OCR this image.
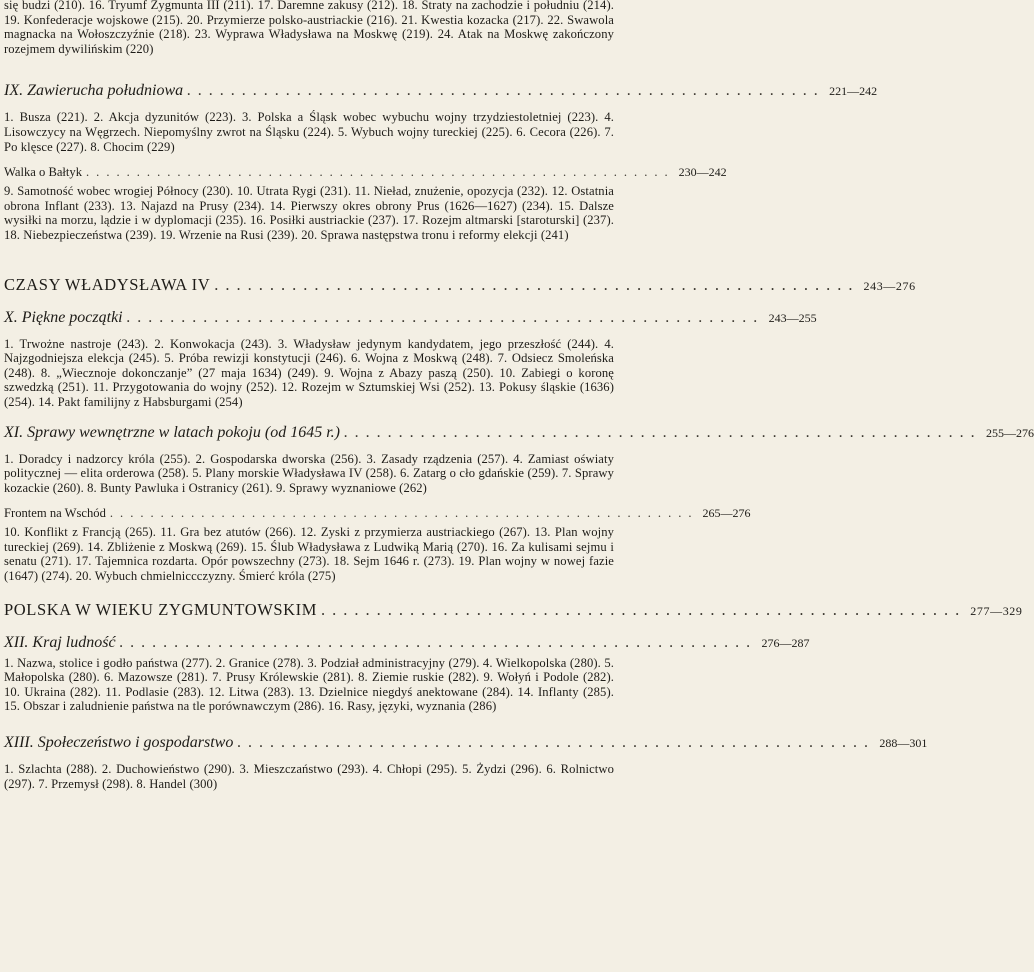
się budzi (210). 16. Tryumf Zygmunta III (211). 17. Daremne zakusy (212). 18. Straty na zachodzie i południu (214). 19. Konfederacje wojskowe (215). 20. Przymierze polsko-austriackie (216). 21. Kwestia kozacka (217). 22. Swawola magnacka na Wołoszczyźnie (218). 23. Wyprawa Władysława na Moskwę (219). 24. Atak na Moskwę zakończony rozejmem dywilińskim (220)

IX. Zawierucha południowa .......................................................... 221—242

1. Busza (221). 2. Akcja dyzunitów (223). 3. Polska a Śląsk wobec wybuchu wojny trzydziestoletniej (223). 4. Lisowczycy na Węgrzech. Niepomyślny zwrot na Śląsku (224). 5. Wybuch wojny tureckiej (225). 6. Cecora (226). 7. Po klęsce (227). 8. Chocim (229)

Walka o Bałtyk .......................................................... 230—242

9. Samotność wobec wrogiej Północy (230). 10. Utrata Rygi (231). 11. Nieład, znużenie, opozycja (232). 12. Ostatnia obrona Inflant (233). 13. Najazd na Prusy (234). 14. Pierwszy okres obrony Prus (1626—1627) (234). 15. Dalsze wysiłki na morzu, lądzie i w dyplomacji (235). 16. Posiłki austriackie (237). 17. Rozejm altmarski [staroturski] (237). 18. Niebezpieczeństwa (239). 19. Wrzenie na Rusi (239). 20. Sprawa następstwa tronu i reformy elekcji (241)

CZASY WŁADYSŁAWA IV .......................................................... 243—276
X. Piękne początki .......................................................... 243—255

1. Trwożne nastroje (243). 2. Konwokacja (243). 3. Władysław jedynym kandydatem, jego przeszłość (244). 4. Najzgodniejsza elekcja (245). 5. Próba rewizji konstytucji (246). 6. Wojna z Moskwą (248). 7. Odsiecz Smoleńska (248). 8. „Wiecznoje dokonczanje” (27 maja 1634) (249). 9. Wojna z Abazy paszą (250). 10. Zabiegi o koronę szwedzką (251). 11. Przygotowania do wojny (252). 12. Rozejm w Sztumskiej Wsi (252). 13. Pokusy śląskie (1636) (254). 14. Pakt familijny z Habsburgami (254)

XI. Sprawy wewnętrzne w latach pokoju (od 1645 r.) .......................................................... 255—276

1. Doradcy i nadzorcy króla (255). 2. Gospodarska dworska (256). 3. Zasady rządzenia (257). 4. Zamiast oświaty politycznej — elita orderowa (258). 5. Plany morskie Władysława IV (258). 6. Zatarg o cło gdańskie (259). 7. Sprawy kozackie (260). 8. Bunty Pawluka i Ostranicy (261). 9. Sprawy wyznaniowe (262)

Frontem na Wschód .......................................................... 265—276

10. Konflikt z Francją (265). 11. Gra bez atutów (266). 12. Zyski z przymierza austriackiego (267). 13. Plan wojny tureckiej (269). 14. Zbliżenie z Moskwą (269). 15. Ślub Władysława z Ludwiką Marią (270). 16. Za kulisami sejmu i senatu (271). 17. Tajemnica rozdarta. Opór powszechny (273). 18. Sejm 1646 r. (273). 19. Plan wojny w nowej fazie (1647) (274). 20. Wybuch chmielniccczyzny. Śmierć króla (275)

POLSKA W WIEKU ZYGMUNTOWSKIM .......................................................... 277—329
XII. Kraj ludność .......................................................... 276—287

1. Nazwa, stolice i godło państwa (277). 2. Granice (278). 3. Podział administracyjny (279). 4. Wielkopolska (280). 5. Małopolska (280). 6. Mazowsze (281). 7. Prusy Królewskie (281). 8. Ziemie ruskie (282). 9. Wołyń i Podole (282). 10. Ukraina (282). 11. Podlasie (283). 12. Litwa (283). 13. Dzielnice niegdyś anektowane (284). 14. Inflanty (285). 15. Obszar i zaludnienie państwa na tle porównawczym (286). 16. Rasy, języki, wyznania (286)

XIII. Społeczeństwo i gospodarstwo .......................................................... 288—301

1. Szlachta (288). 2. Duchowieństwo (290). 3. Mieszczaństwo (293). 4. Chłopi (295). 5. Żydzi (296). 6. Rolnictwo (297). 7. Przemysł (298). 8. Handel (300)
